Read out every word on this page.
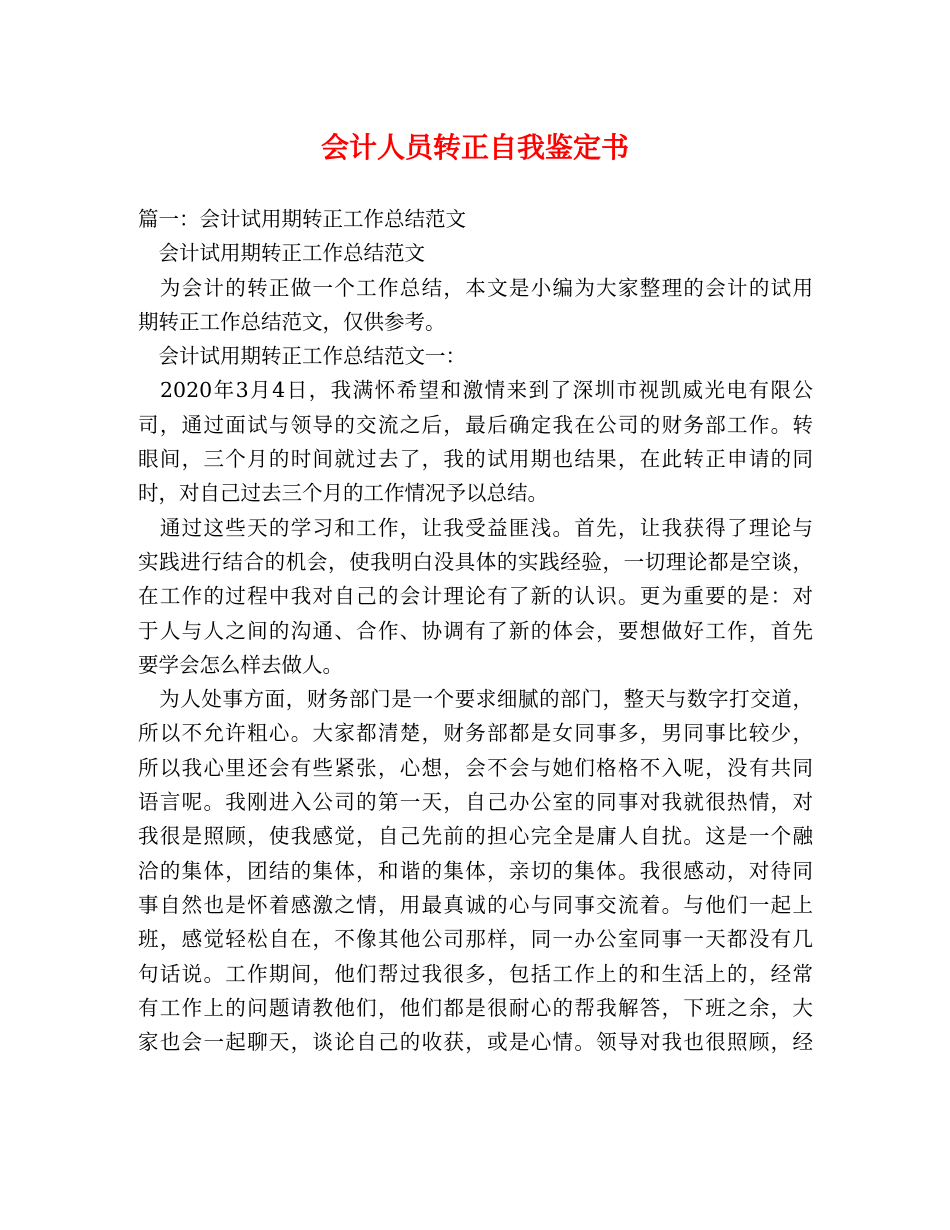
会计人员转正自我鉴定书
篇一：会计试用期转正工作总结范文
　会计试用期转正工作总结范文
　为会计的转正做一个工作总结，本文是小编为大家整理的会计的试用
期转正工作总结范文，仅供参考。
　会计试用期转正工作总结范文一：
　2020年3月4日，我满怀希望和激情来到了深圳市视凯威光电有限公
司，通过面试与领导的交流之后，最后确定我在公司的财务部工作。转
眼间，三个月的时间就过去了，我的试用期也结果，在此转正申请的同
时，对自己过去三个月的工作情况予以总结。
　通过这些天的学习和工作，让我受益匪浅。首先，让我获得了理论与
实践进行结合的机会，使我明白没具体的实践经验，一切理论都是空谈，
在工作的过程中我对自己的会计理论有了新的认识。更为重要的是：对
于人与人之间的沟通、合作、协调有了新的体会，要想做好工作，首先
要学会怎么样去做人。
　为人处事方面，财务部门是一个要求细腻的部门，整天与数字打交道，
所以不允许粗心。大家都清楚，财务部都是女同事多，男同事比较少，
所以我心里还会有些紧张，心想，会不会与她们格格不入呢，没有共同
语言呢。我刚进入公司的第一天，自己办公室的同事对我就很热情，对
我很是照顾，使我感觉，自己先前的担心完全是庸人自扰。这是一个融
洽的集体，团结的集体，和谐的集体，亲切的集体。我很感动，对待同
事自然也是怀着感激之情，用最真诚的心与同事交流着。与他们一起上
班，感觉轻松自在，不像其他公司那样，同一办公室同事一天都没有几
句话说。工作期间，他们帮过我很多，包括工作上的和生活上的，经常
有工作上的问题请教他们，他们都是很耐心的帮我解答，下班之余，大
家也会一起聊天，谈论自己的收获，或是心情。领导对我也很照顾，经
